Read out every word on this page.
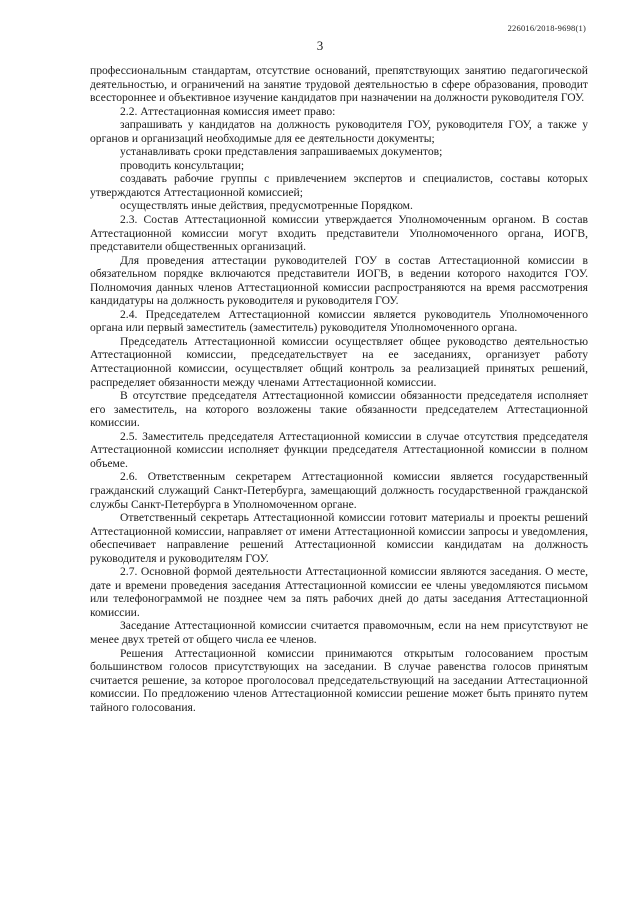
226016/2018-9698(1)
3

профессиональным стандартам, отсутствие оснований, препятствующих занятию педагогической деятельностью, и ограничений на занятие трудовой деятельностью в сфере образования, проводит всестороннее и объективное изучение кандидатов при назначении на должности руководителя ГОУ.

2.2. Аттестационная комиссия имеет право:

запрашивать у кандидатов на должность руководителя ГОУ, руководителя ГОУ, а также у органов и организаций необходимые для ее деятельности документы;

устанавливать сроки представления запрашиваемых документов;

проводить консультации;

создавать рабочие группы с привлечением экспертов и специалистов, составы которых утверждаются Аттестационной комиссией;

осуществлять иные действия, предусмотренные Порядком.

2.3. Состав Аттестационной комиссии утверждается Уполномоченным органом. В состав Аттестационной комиссии могут входить представители Уполномоченного органа, ИОГВ, представители общественных организаций.

Для проведения аттестации руководителей ГОУ в состав Аттестационной комиссии в обязательном порядке включаются представители ИОГВ, в ведении которого находится ГОУ. Полномочия данных членов Аттестационной комиссии распространяются на время рассмотрения кандидатуры на должность руководителя и руководителя ГОУ.

2.4. Председателем Аттестационной комиссии является руководитель Уполномоченного органа или первый заместитель (заместитель) руководителя Уполномоченного органа.

Председатель Аттестационной комиссии осуществляет общее руководство деятельностью Аттестационной комиссии, председательствует на ее заседаниях, организует работу Аттестационной комиссии, осуществляет общий контроль за реализацией принятых решений, распределяет обязанности между членами Аттестационной комиссии.

В отсутствие председателя Аттестационной комиссии обязанности председателя исполняет его заместитель, на которого возложены такие обязанности председателем Аттестационной комиссии.

2.5. Заместитель председателя Аттестационной комиссии в случае отсутствия председателя Аттестационной комиссии исполняет функции председателя Аттестационной комиссии в полном объеме.

2.6. Ответственным секретарем Аттестационной комиссии является государственный гражданский служащий Санкт-Петербурга, замещающий должность государственной гражданской службы Санкт-Петербурга в Уполномоченном органе.

Ответственный секретарь Аттестационной комиссии готовит материалы и проекты решений Аттестационной комиссии, направляет от имени Аттестационной комиссии запросы и уведомления, обеспечивает направление решений Аттестационной комиссии кандидатам на должность руководителя и руководителям ГОУ.

2.7. Основной формой деятельности Аттестационной комиссии являются заседания. О месте, дате и времени проведения заседания Аттестационной комиссии ее члены уведомляются письмом или телефонограммой не позднее чем за пять рабочих дней до даты заседания Аттестационной комиссии.

Заседание Аттестационной комиссии считается правомочным, если на нем присутствуют не менее двух третей от общего числа ее членов.

Решения Аттестационной комиссии принимаются открытым голосованием простым большинством голосов присутствующих на заседании. В случае равенства голосов принятым считается решение, за которое проголосовал председательствующий на заседании Аттестационной комиссии. По предложению членов Аттестационной комиссии решение может быть принято путем тайного голосования.
